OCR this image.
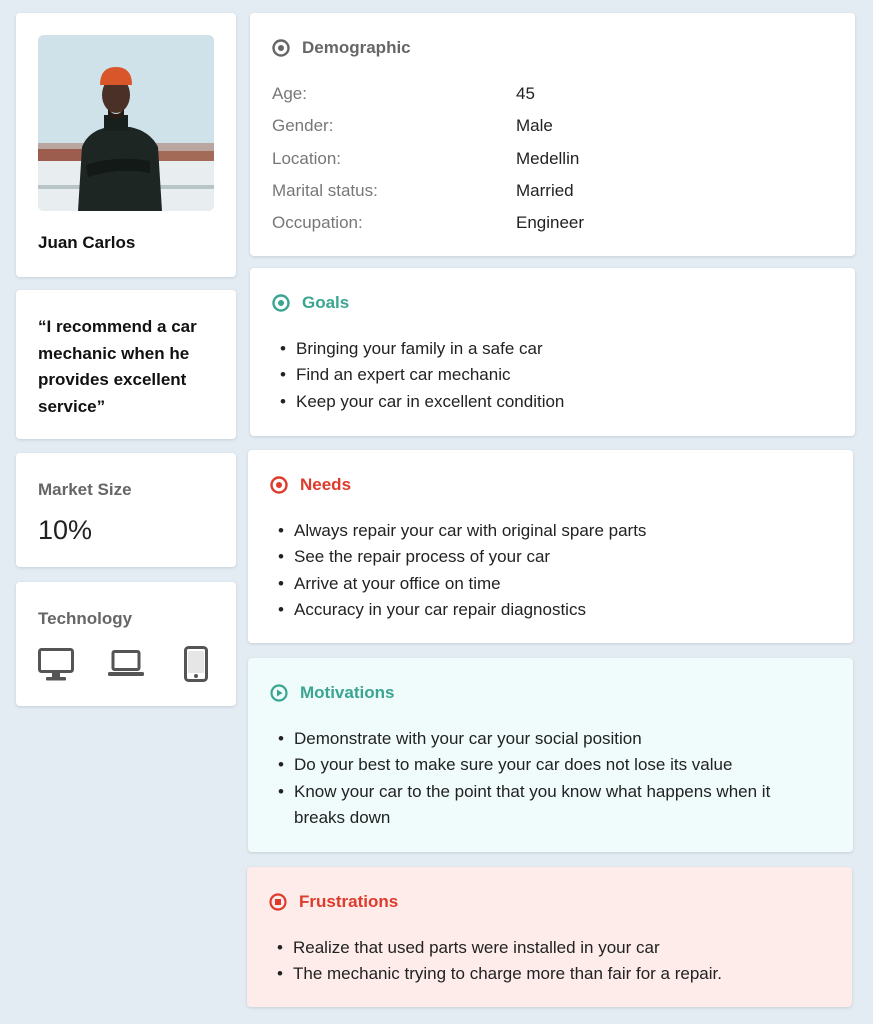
Juan Carlos
“I recommend a car mechanic when he provides excellent service”
Market Size
10%
Technology
Demographic
Age:	45
Gender:	Male
Location:	Medellin
Marital status:	Married
Occupation:	Engineer
Goals
• Bringing your family in a safe car
• Find an expert car mechanic
• Keep your car in excellent condition
Needs
• Always repair your car with original spare parts
• See the repair process of your car
• Arrive at your office on time
• Accuracy in your car repair diagnostics
Motivations
• Demonstrate with your car your social position
• Do your best to make sure your car does not lose its value
• Know your car to the point that you know what happens when it breaks down
Frustrations
• Realize that used parts were installed in your car
• The mechanic trying to charge more than fair for a repair.
